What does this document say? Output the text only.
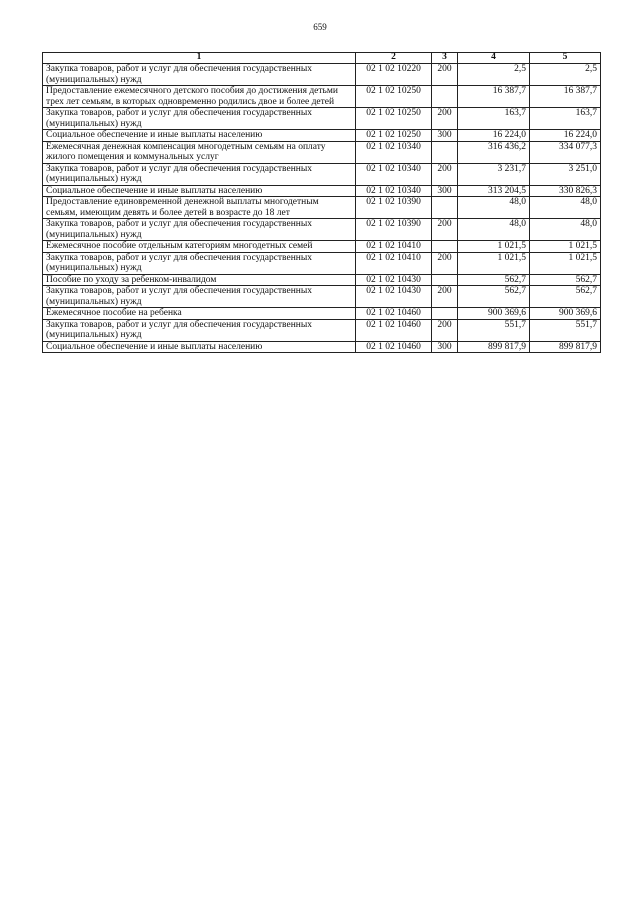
659
1	2	3	4	5
Закупка товаров, работ и услуг для обеспечения государственных (муниципальных) нужд	02 1 02 10220	200	2,5	2,5
Предоставление ежемесячного детского пособия до достижения детьми трех лет семьям, в которых одновременно родились двое и более детей	02 1 02 10250		16 387,7	16 387,7
Закупка товаров, работ и услуг для обеспечения государственных (муниципальных) нужд	02 1 02 10250	200	163,7	163,7
Социальное обеспечение и иные выплаты населению	02 1 02 10250	300	16 224,0	16 224,0
Ежемесячная денежная компенсация многодетным семьям на оплату жилого помещения и коммунальных услуг	02 1 02 10340		316 436,2	334 077,3
Закупка товаров, работ и услуг для обеспечения государственных (муниципальных) нужд	02 1 02 10340	200	3 231,7	3 251,0
Социальное обеспечение и иные выплаты населению	02 1 02 10340	300	313 204,5	330 826,3
Предоставление единовременной денежной выплаты многодетным семьям, имеющим девять и более детей в возрасте до 18 лет	02 1 02 10390		48,0	48,0
Закупка товаров, работ и услуг для обеспечения государственных (муниципальных) нужд	02 1 02 10390	200	48,0	48,0
Ежемесячное пособие отдельным категориям многодетных семей	02 1 02 10410		1 021,5	1 021,5
Закупка товаров, работ и услуг для обеспечения государственных (муниципальных) нужд	02 1 02 10410	200	1 021,5	1 021,5
Пособие по уходу за ребенком-инвалидом	02 1 02 10430		562,7	562,7
Закупка товаров, работ и услуг для обеспечения государственных (муниципальных) нужд	02 1 02 10430	200	562,7	562,7
Ежемесячное пособие на ребенка	02 1 02 10460		900 369,6	900 369,6
Закупка товаров, работ и услуг для обеспечения государственных (муниципальных) нужд	02 1 02 10460	200	551,7	551,7
Социальное обеспечение и иные выплаты населению	02 1 02 10460	300	899 817,9	899 817,9
